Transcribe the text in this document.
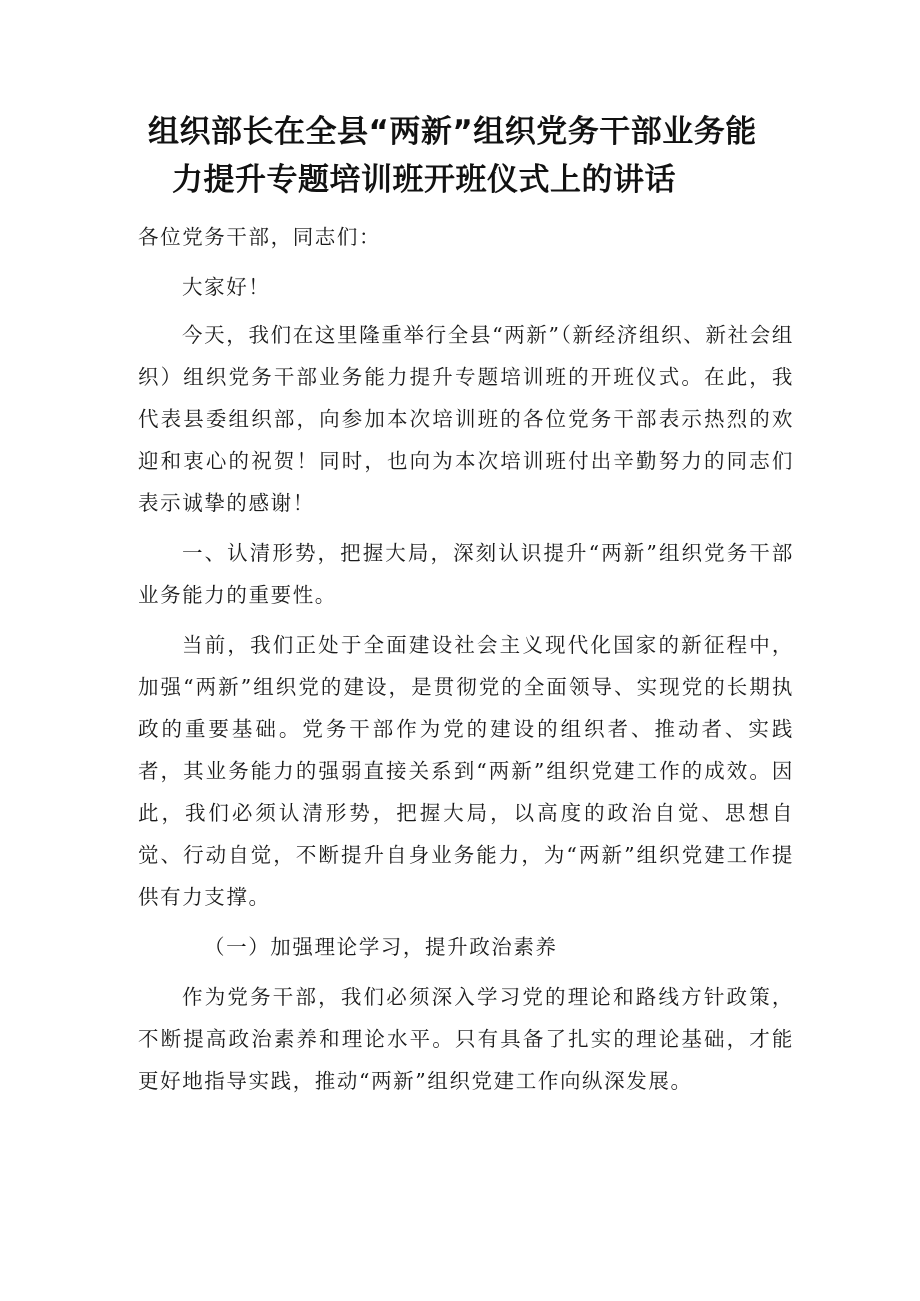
组织部长在全县“两新”组织党务干部业务能
力提升专题培训班开班仪式上的讲话

各位党务干部，同志们：

大家好！

今天，我们在这里隆重举行全县“两新”（新经济组织、新社会组织）组织党务干部业务能力提升专题培训班的开班仪式。在此，我代表县委组织部，向参加本次培训班的各位党务干部表示热烈的欢迎和衷心的祝贺！同时，也向为本次培训班付出辛勤努力的同志们表示诚挚的感谢！

一、认清形势，把握大局，深刻认识提升“两新”组织党务干部业务能力的重要性。

当前，我们正处于全面建设社会主义现代化国家的新征程中，加强“两新”组织党的建设，是贯彻党的全面领导、实现党的长期执政的重要基础。党务干部作为党的建设的组织者、推动者、实践者，其业务能力的强弱直接关系到“两新”组织党建工作的成效。因此，我们必须认清形势，把握大局，以高度的政治自觉、思想自觉、行动自觉，不断提升自身业务能力，为“两新”组织党建工作提供有力支撑。

（一）加强理论学习，提升政治素养

作为党务干部，我们必须深入学习党的理论和路线方针政策，不断提高政治素养和理论水平。只有具备了扎实的理论基础，才能更好地指导实践，推动“两新”组织党建工作向纵深发展。
